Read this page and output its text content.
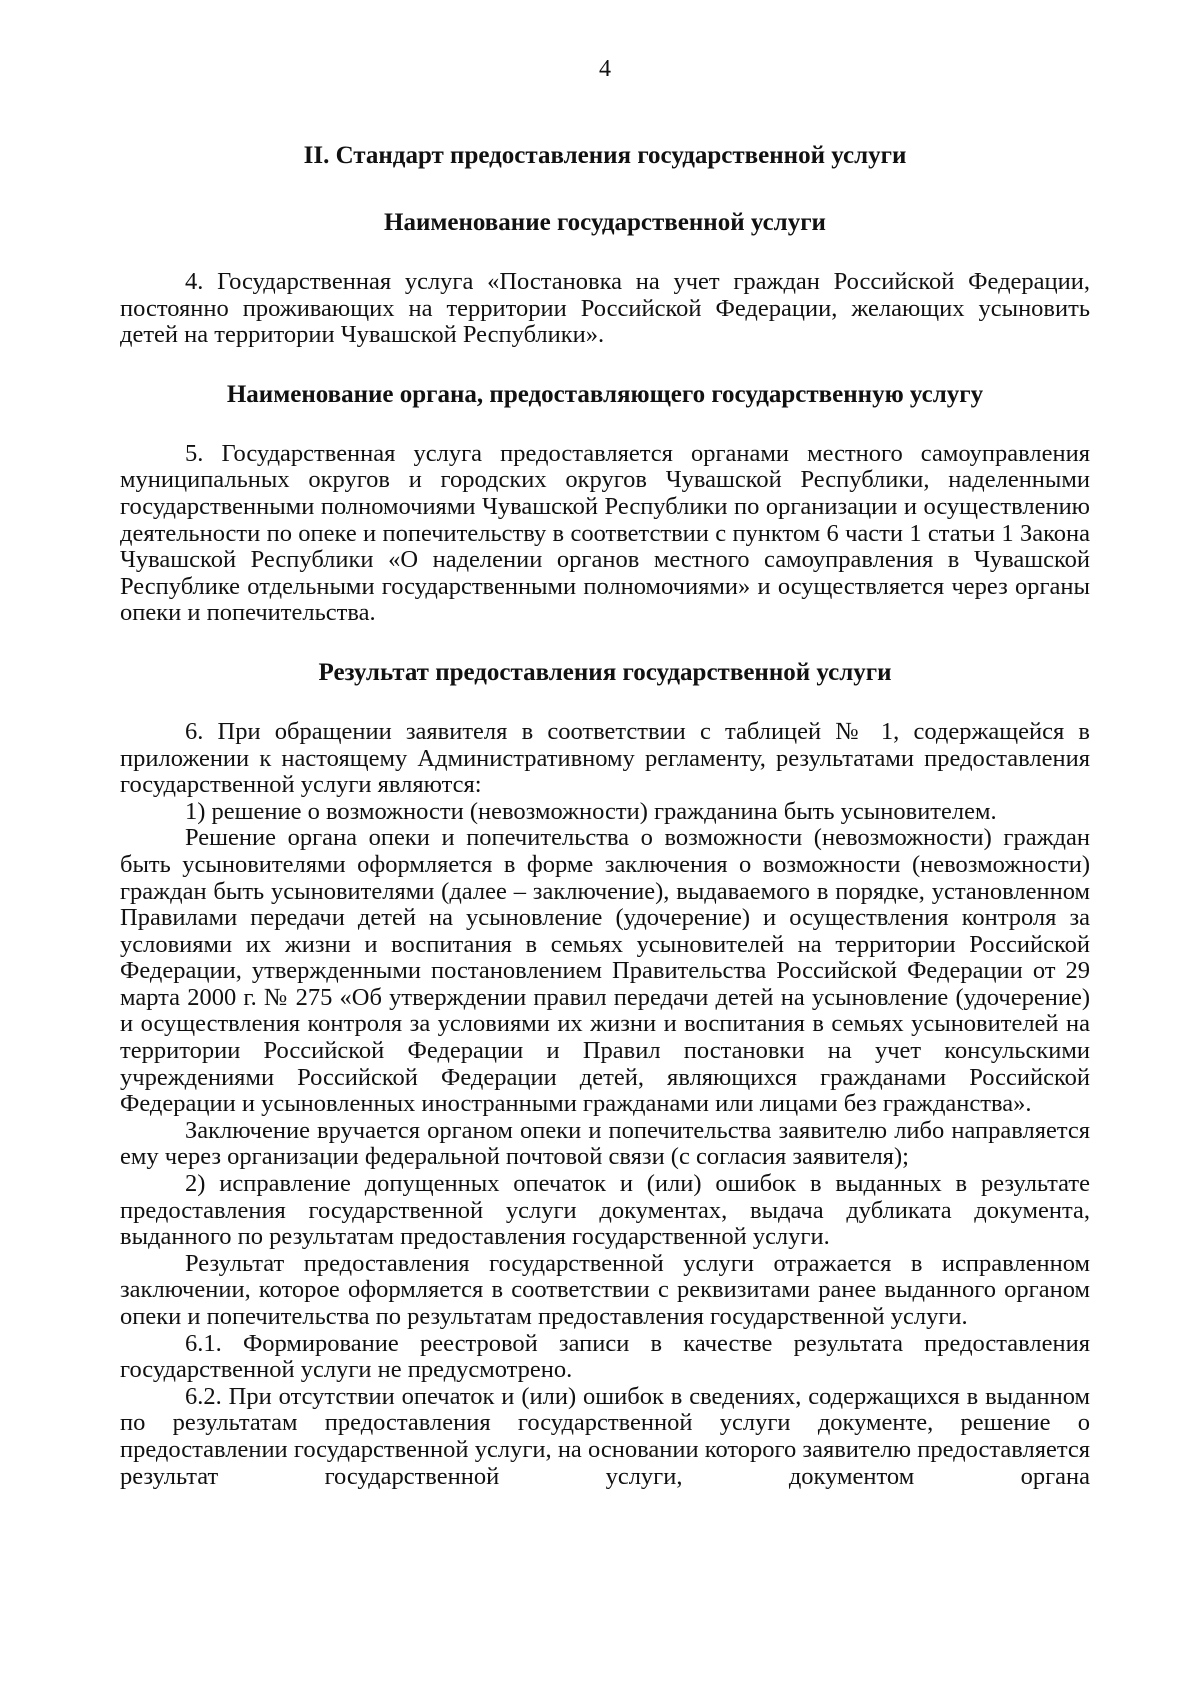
4
II. Стандарт предоставления государственной услуги
Наименование государственной услуги

4. Государственная услуга «Постановка на учет граждан Российской Федерации, постоянно проживающих на территории Российской Федерации, желающих усыновить детей на территории Чувашской Республики».

Наименование органа, предоставляющего государственную услугу

5. Государственная услуга предоставляется органами местного самоуправления муниципальных округов и городских округов Чувашской Республики, наделенными государственными полномочиями Чувашской Республики по организации и осуществлению деятельности по опеке и попечительству в соответствии с пунктом 6 части 1 статьи 1 Закона Чувашской Республики «О наделении органов местного самоуправления в Чувашской Республике отдельными государственными полномочиями» и осуществляется через органы опеки и попечительства.

Результат предоставления государственной услуги

6. При обращении заявителя в соответствии с таблицей № 1, содержащейся в приложении к настоящему Административному регламенту, результатами предоставления государственной услуги являются:

1) решение о возможности (невозможности) гражданина быть усыновителем.

Решение органа опеки и попечительства о возможности (невозможности) граждан быть усыновителями оформляется в форме заключения о возможности (невозможности) граждан быть усыновителями (далее – заключение), выдаваемого в порядке, установленном Правилами передачи детей на усыновление (удочерение) и осуществления контроля за условиями их жизни и воспитания в семьях усыновителей на территории Российской Федерации, утвержденными постановлением Правительства Российской Федерации от 29 марта 2000 г. № 275 «Об утверждении правил передачи детей на усыновление (удочерение) и осуществления контроля за условиями их жизни и воспитания в семьях усыновителей на территории Российской Федерации и Правил постановки на учет консульскими учреждениями Российской Федерации детей, являющихся гражданами Российской Федерации и усыновленных иностранными гражданами или лицами без гражданства».

Заключение вручается органом опеки и попечительства заявителю либо направляется ему через организации федеральной почтовой связи (с согласия заявителя);

2) исправление допущенных опечаток и (или) ошибок в выданных в результате предоставления государственной услуги документах, выдача дубликата документа, выданного по результатам предоставления государственной услуги.

Результат предоставления государственной услуги отражается в исправленном заключении, которое оформляется в соответствии с реквизитами ранее выданного органом опеки и попечительства по результатам предоставления государственной услуги.

6.1. Формирование реестровой записи в качестве результата предоставления государственной услуги не предусмотрено.

6.2. При отсутствии опечаток и (или) ошибок в сведениях, содержащихся в выданном по результатам предоставления государственной услуги документе, решение о предоставлении государственной услуги, на основании которого заявителю предоставляется результат государственной услуги, документом органа
